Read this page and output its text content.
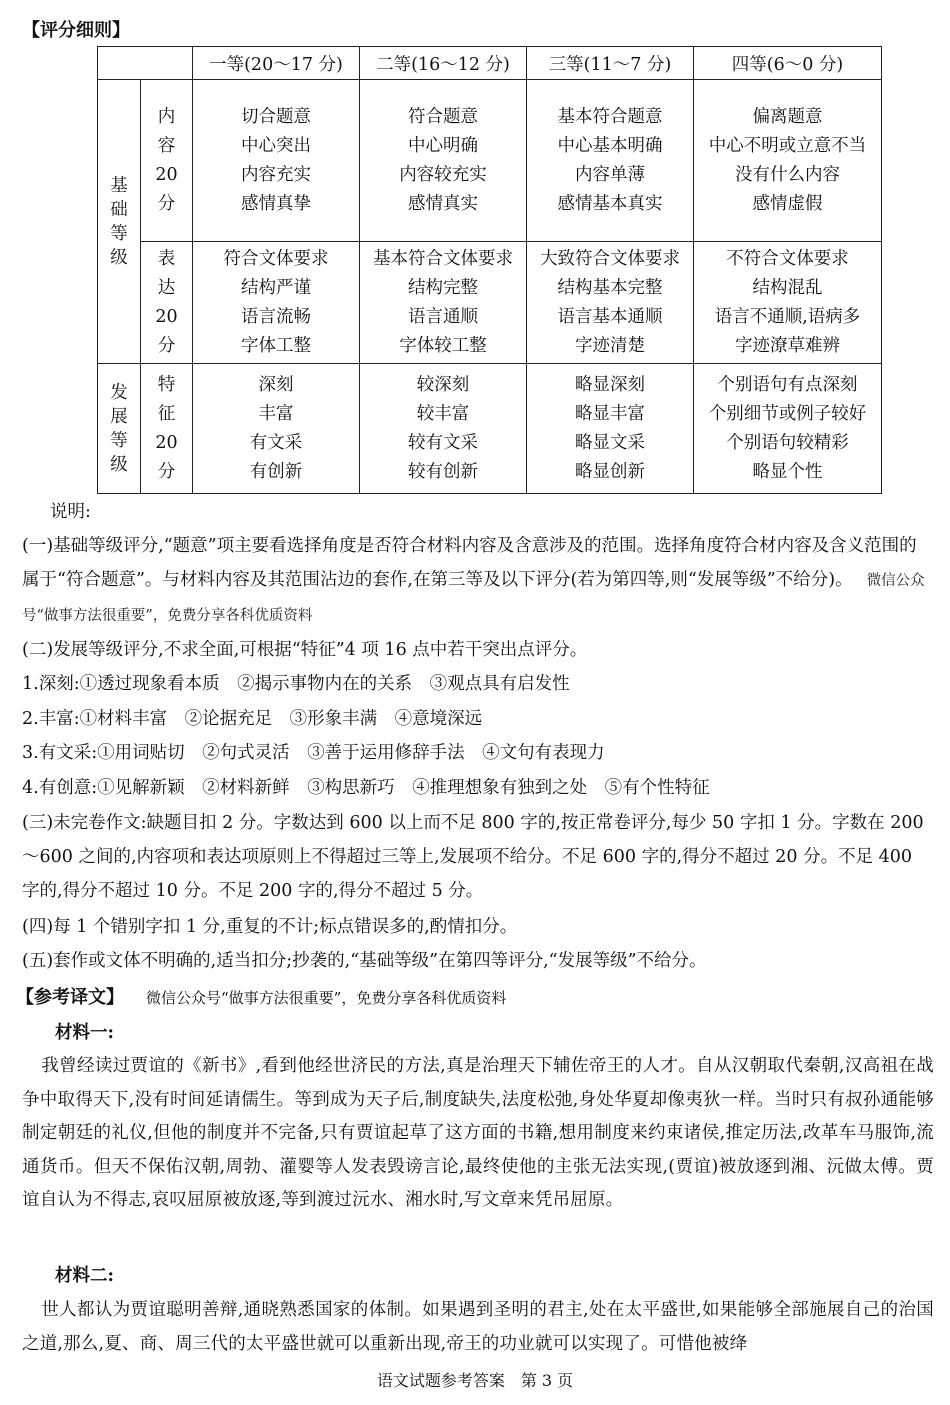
【评分细则】
		一等(20～17 分)	二等(16～12 分)	三等(11～7 分)	四等(6～0 分)

基
础
等
级	内
容
20
分	切合题意
中心突出
内容充实
感情真挚	符合题意
中心明确
内容较充实
感情真实	基本符合题意
中心基本明确
内容单薄
感情基本真实	偏离题意
中心不明或立意不当
没有什么内容
感情虚假

	表
达
20
分	符合文体要求
结构严谨
语言流畅
字体工整	基本符合文体要求
结构完整
语言通顺
字体较工整	大致符合文体要求
结构基本完整
语言基本通顺
字迹清楚	不符合文体要求
结构混乱
语言不通顺,语病多
字迹潦草难辨

发
展
等
级	特
征
20
分	深刻
丰富
有文采
有创新	较深刻
较丰富
较有文采
较有创新	略显深刻
略显丰富
略显文采
略显创新	个别语句有点深刻
个别细节或例子较好
个别语句较精彩
略显个性
说明:
(一)基础等级评分,“题意”项主要看选择角度是否符合材料内容及含意涉及的范围。选择角度符合材内容及含义范围的属于“符合题意”。与材料内容及其范围沾边的套作,在第三等及以下评分(若为第四等,则“发展等级”不给分)。 微信公众号“做事方法很重要”，免费分享各科优质资料
(二)发展等级评分,不求全面,可根据“特征”4 项 16 点中若干突出点评分。
1.深刻:①透过现象看本质　②揭示事物内在的关系　③观点具有启发性
2.丰富:①材料丰富　②论据充足　③形象丰满　④意境深远
3.有文采:①用词贴切　②句式灵活　③善于运用修辞手法　④文句有表现力
4.有创意:①见解新颖　②材料新鲜　③构思新巧　④推理想象有独到之处　⑤有个性特征
(三)未完卷作文:缺题目扣 2 分。字数达到 600 以上而不足 800 字的,按正常卷评分,每少 50 字扣 1 分。字数在 200～600 之间的,内容项和表达项原则上不得超过三等上,发展项不给分。不足 600 字的,得分不超过 20 分。不足 400 字的,得分不超过 10 分。不足 200 字的,得分不超过 5 分。
(四)每 1 个错别字扣 1 分,重复的不计;标点错误多的,酌情扣分。
(五)套作或文体不明确的,适当扣分;抄袭的,“基础等级”在第四等评分,“发展等级”不给分。
【参考译文】 微信公众号“做事方法很重要”，免费分享各科优质资料
材料一:
我曾经读过贾谊的《新书》,看到他经世济民的方法,真是治理天下辅佐帝王的人才。自从汉朝取代秦朝,汉高祖在战争中取得天下,没有时间延请儒生。等到成为天子后,制度缺失,法度松弛,身处华夏却像夷狄一样。当时只有叔孙通能够制定朝廷的礼仪,但他的制度并不完备,只有贾谊起草了这方面的书籍,想用制度来约束诸侯,推定历法,改革车马服饰,流通货币。但天不保佑汉朝,周勃、灌婴等人发表毁谤言论,最终使他的主张无法实现,(贾谊)被放逐到湘、沅做太傅。贾谊自认为不得志,哀叹屈原被放逐,等到渡过沅水、湘水时,写文章来凭吊屈原。
材料二:
世人都认为贾谊聪明善辩,通晓熟悉国家的体制。如果遇到圣明的君主,处在太平盛世,如果能够全部施展自己的治国之道,那么,夏、商、周三代的太平盛世就可以重新出现,帝王的功业就可以实现了。可惜他被绛
语文试题参考答案　第 3 页
